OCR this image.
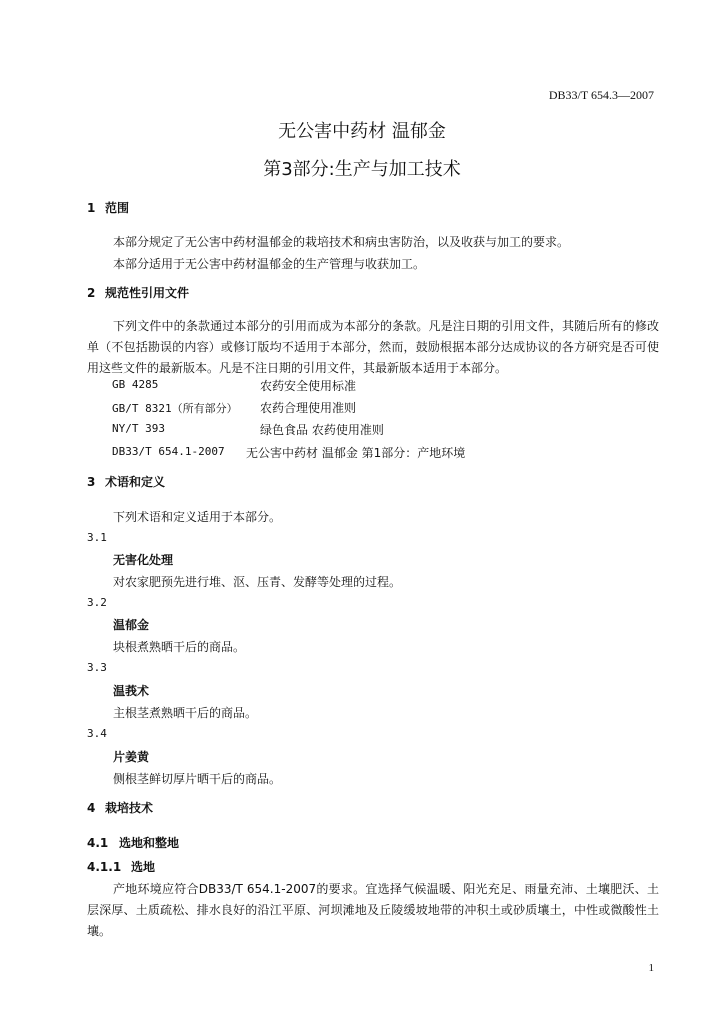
DB33/T 654.3—2007
无公害中药材 温郁金
第3部分:生产与加工技术
1 范围
本部分规定了无公害中药材温郁金的栽培技术和病虫害防治，以及收获与加工的要求。
本部分适用于无公害中药材温郁金的生产管理与收获加工。
2 规范性引用文件
下列文件中的条款通过本部分的引用而成为本部分的条款。凡是注日期的引用文件，其随后所有的修改单（不包括勘误的内容）或修订版均不适用于本部分，然而，鼓励根据本部分达成协议的各方研究是否可使用这些文件的最新版本。凡是不注日期的引用文件，其最新版本适用于本部分。
GB 4285	农药安全使用标准
GB/T 8321（所有部分） 农药合理使用准则
NY/T 393	绿色食品 农药使用准则
DB33/T 654.1-2007 无公害中药材 温郁金 第1部分：产地环境
3 术语和定义
下列术语和定义适用于本部分。
3.1
无害化处理
对农家肥预先进行堆、沤、压青、发酵等处理的过程。
3.2
温郁金
块根煮熟晒干后的商品。
3.3
温莪术
主根茎煮熟晒干后的商品。
3.4
片姜黄
侧根茎鲜切厚片晒干后的商品。
4 栽培技术
4.1 选地和整地
4.1.1 选地
产地环境应符合DB33/T 654.1-2007的要求。宜选择气候温暖、阳光充足、雨量充沛、土壤肥沃、土层深厚、土质疏松、排水良好的沿江平原、河坝滩地及丘陵缓坡地带的冲积土或砂质壤土，中性或微酸性土壤。
1
